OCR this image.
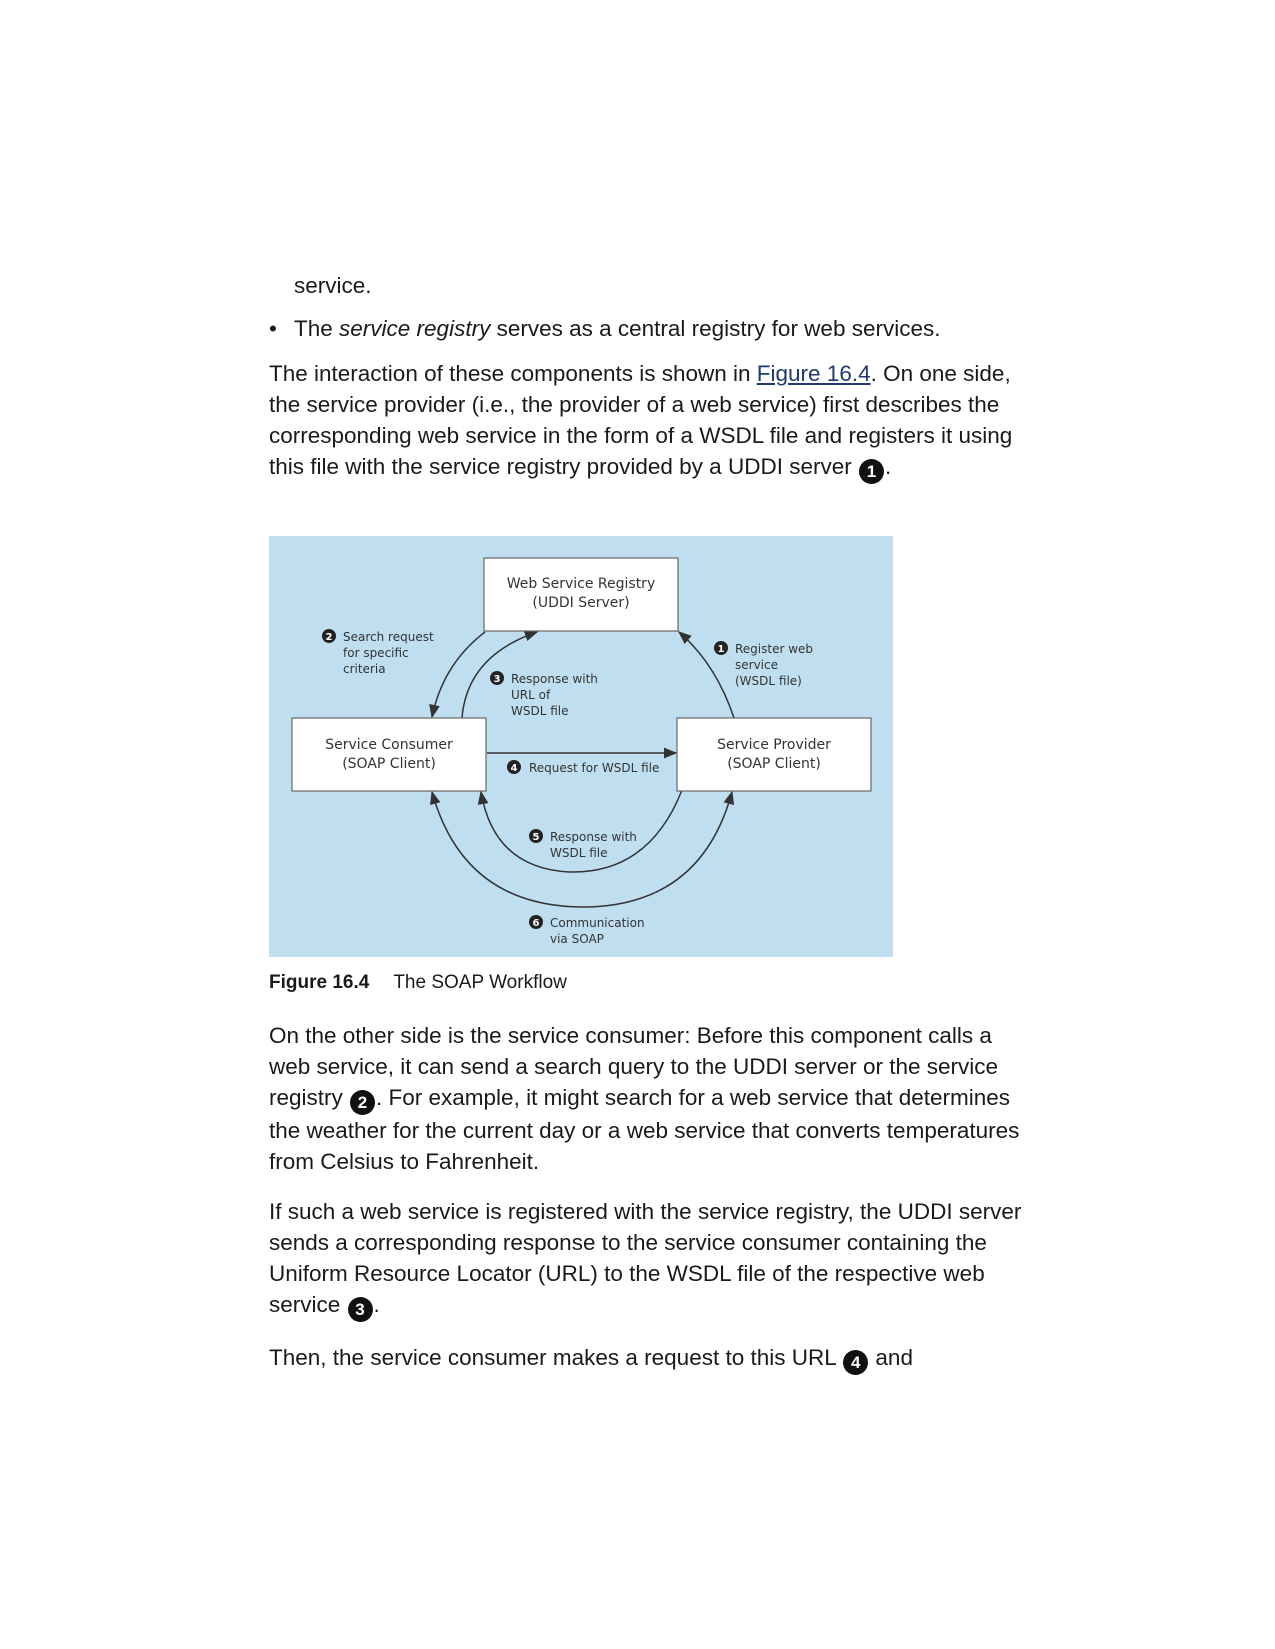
service.
• The service registry serves as a central registry for web services.

The interaction of these components is shown in Figure 16.4. On one side, the service provider (i.e., the provider of a web service) first describes the corresponding web service in the form of a WSDL file and registers it using this file with the service registry provided by a UDDI server 1 .

Web Service Registry
(UDDI Server)
Service Consumer
(SOAP Client)
Service Provider
(SOAP Client)
2 Search request
for specific
criteria
1 Register web
service
(WSDL file)
3 Response with
URL of
WSDL file
4 Request for WSDL file
5 Response with
WSDL file
6 Communication
via SOAP
Figure 16.4 The SOAP Workflow

On the other side is the service consumer: Before this component calls a web service, it can send a search query to the UDDI server or the service registry 2 . For example, it might search for a web service that determines the weather for the current day or a web service that converts temperatures from Celsius to Fahrenheit.

If such a web service is registered with the service registry, the UDDI server sends a corresponding response to the service consumer containing the Uniform Resource Locator (URL) to the WSDL file of the respective web service 3 .

Then, the service consumer makes a request to this URL 4 and
